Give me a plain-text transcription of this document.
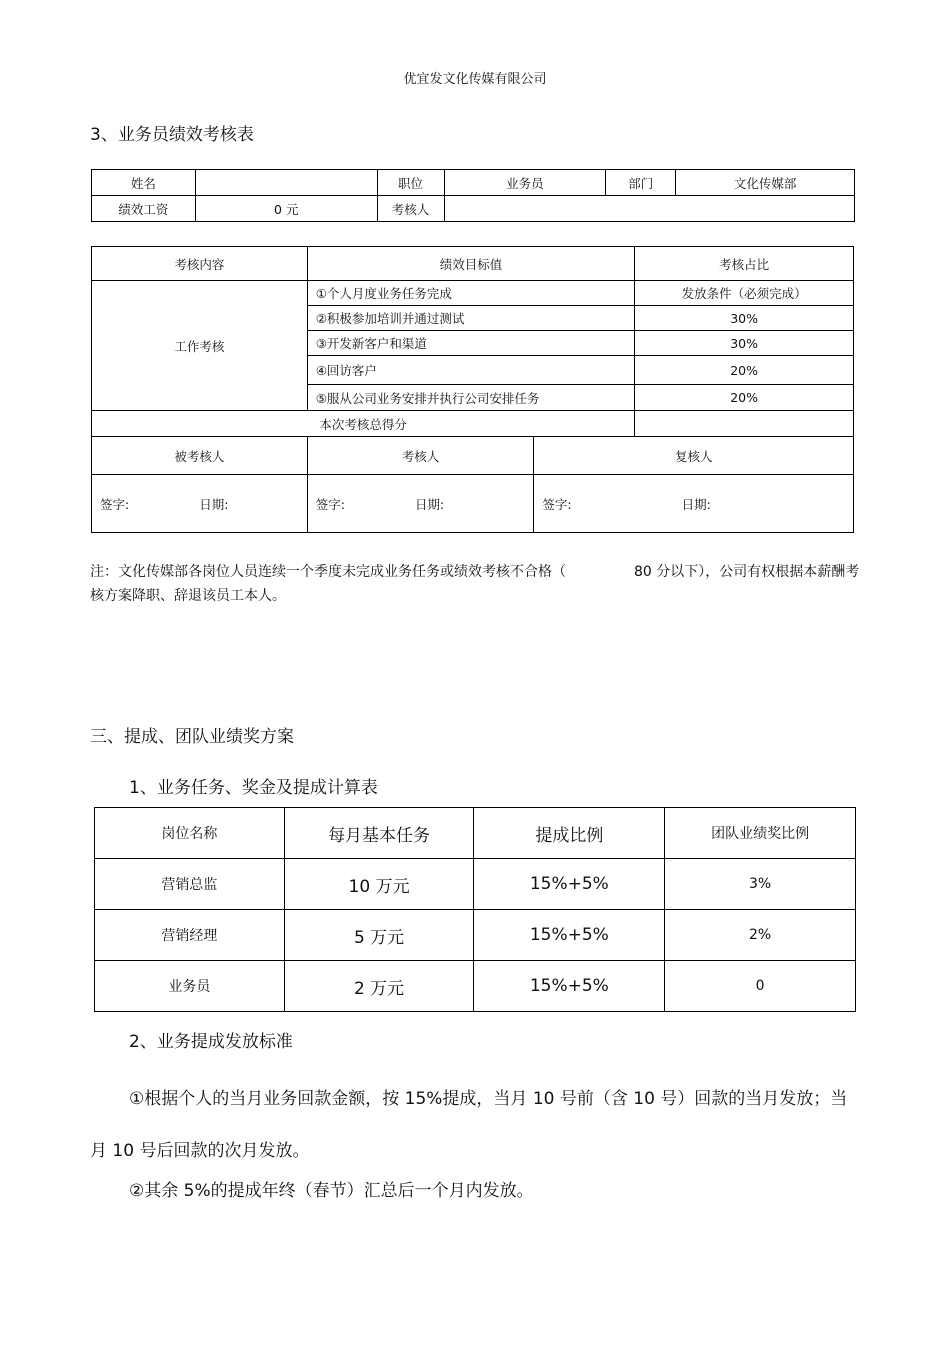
优宜发文化传媒有限公司
3、业务员绩效考核表
姓名		职位	业务员	部门	文化传媒部
绩效工资	0 元	考核人			
考核内容	绩效目标值		考核占比
工作考核	①个人月度业务任务完成		发放条件（必须完成）
	②积极参加培训并通过测试		30%
	③开发新客户和渠道		30%
	④回访客户		20%
	⑤服从公司业务安排并执行公司安排任务		20%
本次考核总得分			
被考核人	考核人	复核人	

签字: 日期:	签字: 日期:	签字: 日期:	
注：文化传媒部各岗位人员连续一个季度未完成业务任务或绩效考核不合格（	80 分以下），公司有权根据本薪酬考核方案降职、辞退该员工本人。
三、提成、团队业绩奖方案
1、业务任务、奖金及提成计算表
岗位名称	每月基本任务	提成比例	团队业绩奖比例
营销总监	10 万元	15%+5%	3%
营销经理	5 万元	15%+5%	2%
业务员	2 万元	15%+5%	0
2、业务提成发放标准
①根据个人的当月业务回款金额，按 15%提成，当月 10 号前（含 10 号）回款的当月发放；当月 10 号后回款的次月发放。
②其余 5%的提成年终（春节）汇总后一个月内发放。
